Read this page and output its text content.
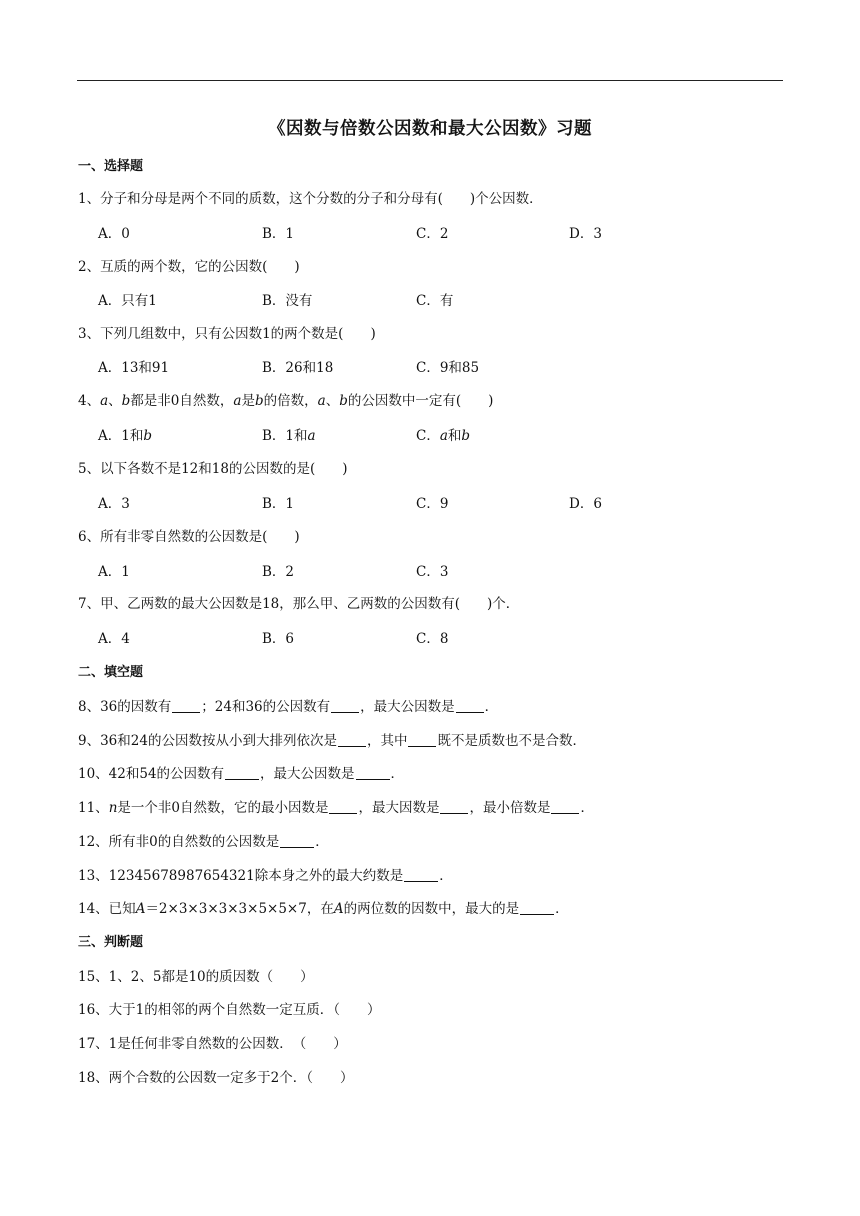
《因数与倍数公因数和最大公因数》习题
一、选择题
1、分子和分母是两个不同的质数，这个分数的分子和分母有(　　)个公因数．
A．0	B．1	C．2	D．3
2、互质的两个数，它的公因数(　　)
A．只有1	B．没有	C．有
3、下列几组数中，只有公因数1的两个数是(　　)
A．13和91	B．26和18	C．9和85
4、a、b都是非0自然数，a是b的倍数，a、b的公因数中一定有(　　)
A．1和b	B．1和a	C．a和b
5、以下各数不是12和18的公因数的是(　　)
A．3	B．1	C．9	D．6
6、所有非零自然数的公因数是(　　)
A．1	B．2	C．3
7、甲、乙两数的最大公因数是18，那么甲、乙两数的公因数有(　　)个．
A．4	B．6	C．8
二、填空题
8、36的因数有 ；24和36的公因数有 ，最大公因数是 ．
9、36和24的公因数按从小到大排列依次是 ，其中 既不是质数也不是合数．
10、42和54的公因数有	，最大公因数是	．
11、n是一个非0自然数，它的最小因数是 ，最大因数是 ，最小倍数是 ．
12、所有非0的自然数的公因数是	．
13、12345678987654321除本身之外的最大约数是	．
14、已知A＝2×3×3×3×3×5×5×7，在A的两位数的因数中，最大的是	．
三、判断题
15、1、2、5都是10的质因数（　　）
16、大于1的相邻的两个自然数一定互质．（　　）
17、1是任何非零自然数的公因数．　（　　）
18、两个合数的公因数一定多于2个．（　　）
